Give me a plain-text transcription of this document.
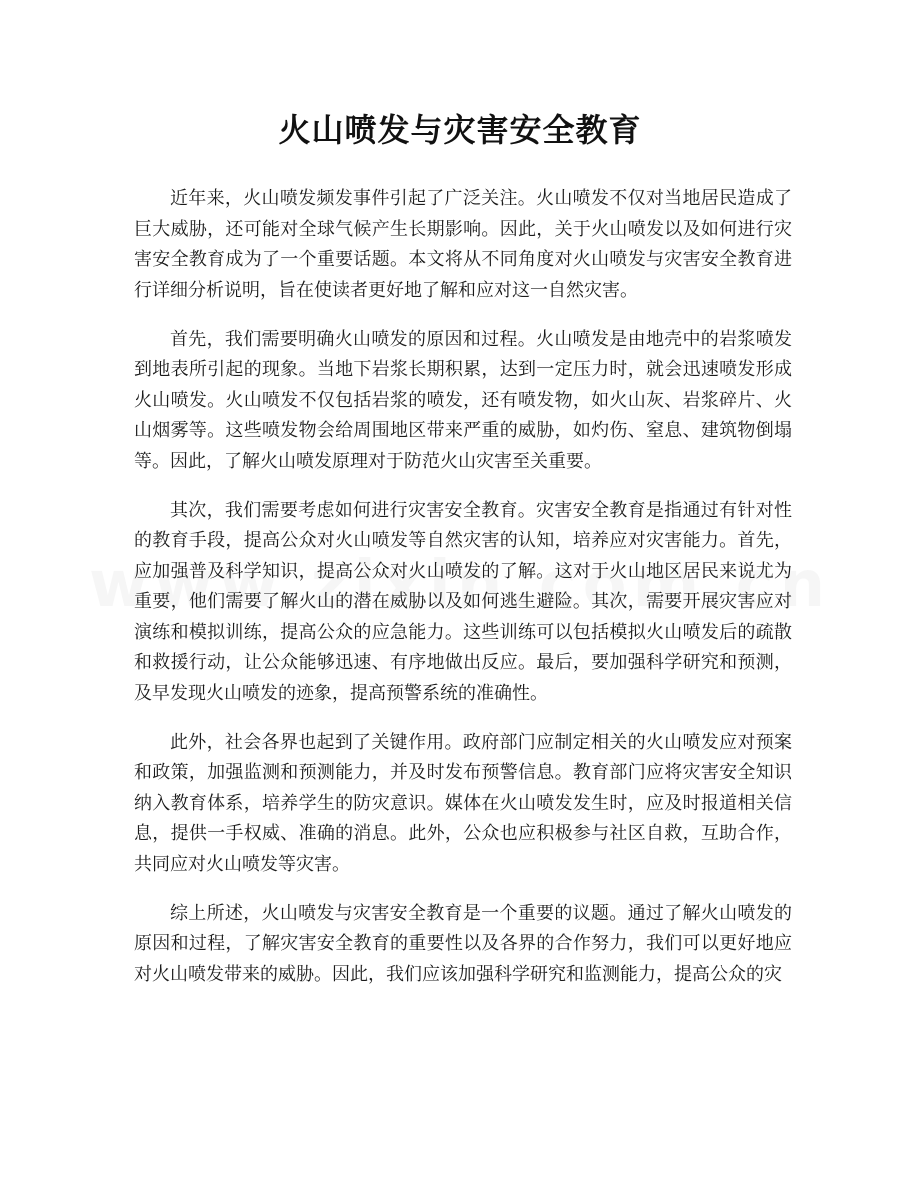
火山喷发与灾害安全教育

近年来，火山喷发频发事件引起了广泛关注。火山喷发不仅对当地居民造成了巨大威胁，还可能对全球气候产生长期影响。因此，关于火山喷发以及如何进行灾害安全教育成为了一个重要话题。本文将从不同角度对火山喷发与灾害安全教育进行详细分析说明，旨在使读者更好地了解和应对这一自然灾害。

首先，我们需要明确火山喷发的原因和过程。火山喷发是由地壳中的岩浆喷发到地表所引起的现象。当地下岩浆长期积累，达到一定压力时，就会迅速喷发形成火山喷发。火山喷发不仅包括岩浆的喷发，还有喷发物，如火山灰、岩浆碎片、火山烟雾等。这些喷发物会给周围地区带来严重的威胁，如灼伤、窒息、建筑物倒塌等。因此，了解火山喷发原理对于防范火山灾害至关重要。

其次，我们需要考虑如何进行灾害安全教育。灾害安全教育是指通过有针对性的教育手段，提高公众对火山喷发等自然灾害的认知，培养应对灾害能力。首先，应加强普及科学知识，提高公众对火山喷发的了解。这对于火山地区居民来说尤为重要，他们需要了解火山的潜在威胁以及如何逃生避险。其次，需要开展灾害应对演练和模拟训练，提高公众的应急能力。这些训练可以包括模拟火山喷发后的疏散和救援行动，让公众能够迅速、有序地做出反应。最后，要加强科学研究和预测，及早发现火山喷发的迹象，提高预警系统的准确性。

此外，社会各界也起到了关键作用。政府部门应制定相关的火山喷发应对预案和政策，加强监测和预测能力，并及时发布预警信息。教育部门应将灾害安全知识纳入教育体系，培养学生的防灾意识。媒体在火山喷发发生时，应及时报道相关信息，提供一手权威、准确的消息。此外，公众也应积极参与社区自救，互助合作，共同应对火山喷发等灾害。

综上所述，火山喷发与灾害安全教育是一个重要的议题。通过了解火山喷发的原因和过程，了解灾害安全教育的重要性以及各界的合作努力，我们可以更好地应对火山喷发带来的威胁。因此，我们应该加强科学研究和监测能力，提高公众的灾
